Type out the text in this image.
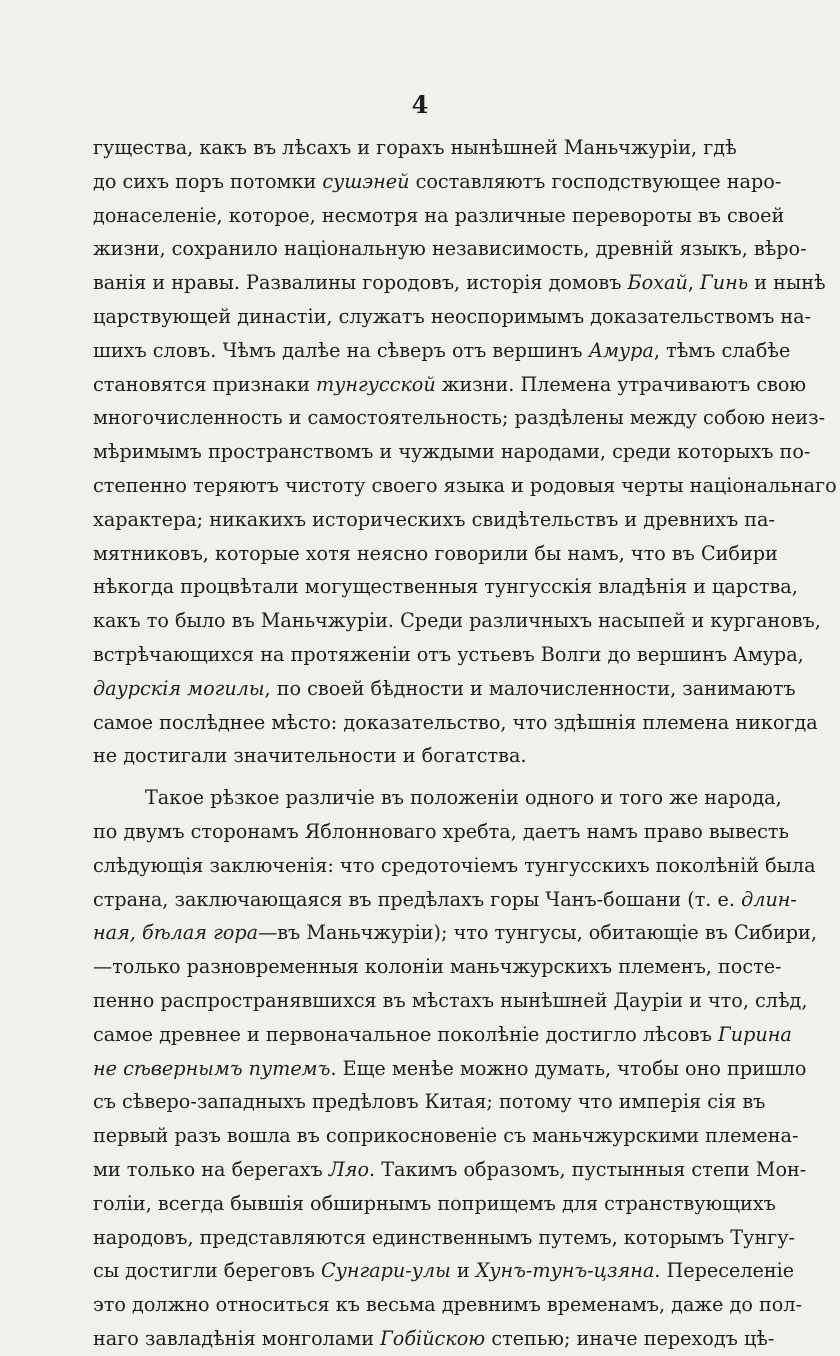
4
гущества, какъ въ лѣсахъ и горахъ нынѣшней Маньчжуріи, гдѣ
до сихъ поръ потомки сушэней составляютъ господствующее наро-
донаселеніе, которое, несмотря на различные перевороты въ своей
жизни, сохранило національную независимость, древній языкъ, вѣро-
ванія и нравы. Развалины городовъ, исторія домовъ Бохай, Гинь и нынѣ
царствующей династіи, служатъ неоспоримымъ доказательствомъ на-
шихъ словъ. Чѣмъ далѣе на сѣверъ отъ вершинъ Амура, тѣмъ слабѣе
становятся признаки тунгусской жизни. Племена утрачиваютъ свою
многочисленность и самостоятельность; раздѣлены между собою неиз-
мѣримымъ пространствомъ и чуждыми народами, среди которыхъ по-
степенно теряютъ чистоту своего языка и родовыя черты національнаго
характера; никакихъ историческихъ свидѣтельствъ и древнихъ па-
мятниковъ, которые хотя неясно говорили бы намъ, что въ Сибири
нѣкогда процвѣтали могущественныя тунгусскія владѣнія и царства,
какъ то было въ Маньчжуріи. Среди различныхъ насыпей и кургановъ,
встрѣчающихся на протяженіи отъ устьевъ Волги до вершинъ Амура,
даурскія могилы, по своей бѣдности и малочисленности, занимаютъ
самое послѣднее мѣсто: доказательство, что здѣшнія племена никогда
не достигали значительности и богатства.
Такое рѣзкое различіе въ положеніи одного и того же народа,
по двумъ сторонамъ Яблонноваго хребта, даетъ намъ право вывесть
слѣдующія заключенія: что средоточіемъ тунгусскихъ поколѣній была
страна, заключающаяся въ предѣлахъ горы Чанъ-бошани (т. е. длин-
ная, бѣлая гора—въ Маньчжуріи); что тунгусы, обитающіе въ Сибири,
—только разновременныя колоніи маньчжурскихъ племенъ, посте-
пенно распространявшихся въ мѣстахъ нынѣшней Дауріи и что, слѣд,
самое древнее и первоначальное поколѣніе достигло лѣсовъ Гирина
не сѣвернымъ путемъ. Еще менѣе можно думать, чтобы оно пришло
съ сѣверо-западныхъ предѣловъ Китая; потому что имперія сія въ
первый разъ вошла въ соприкосновеніе съ маньчжурскими племена-
ми только на берегахъ Ляо. Такимъ образомъ, пустынныя степи Мон-
голіи, всегда бывшія обширнымъ поприщемъ для странствующихъ
народовъ, представляются единственнымъ путемъ, которымъ Тунгу-
сы достигли береговъ Сунгари-улы и Хунъ-тунъ-цзяна. Переселеніе
это должно относиться къ весьма древнимъ временамъ, даже до пол-
наго завладѣнія монголами Гобійскою степью; иначе переходъ цѣ-
